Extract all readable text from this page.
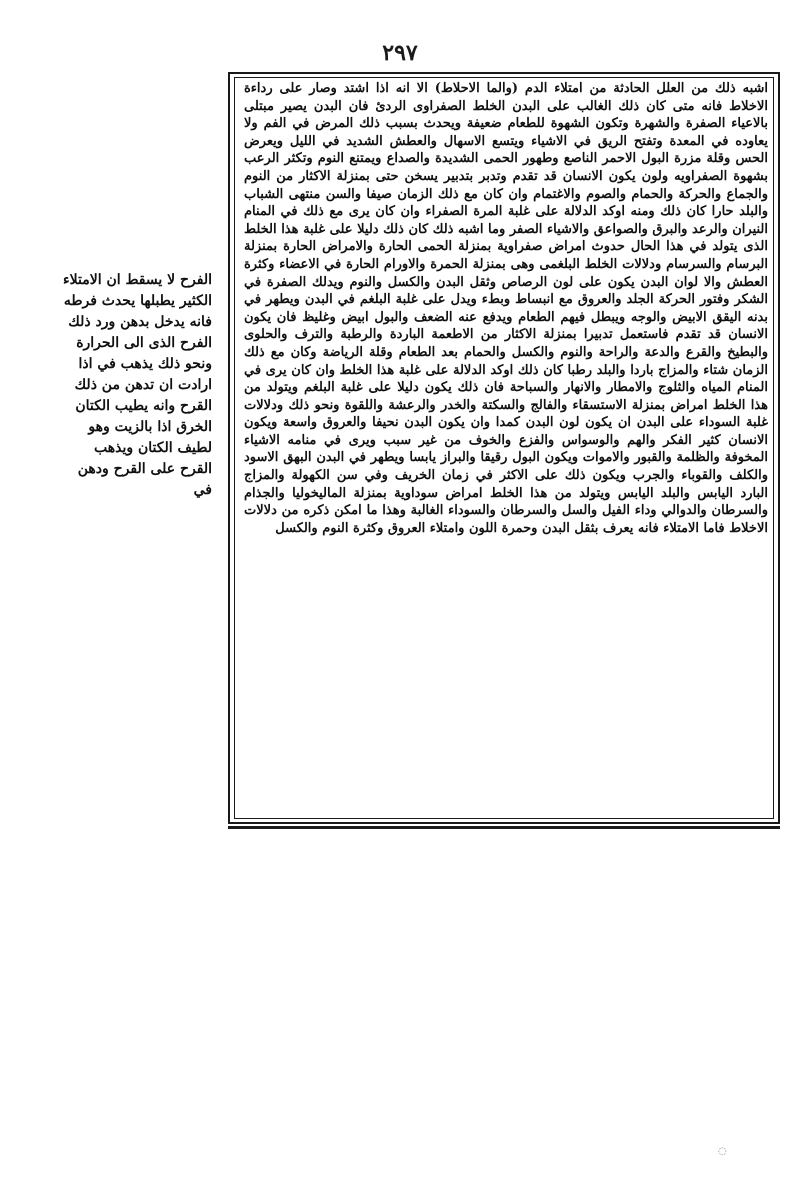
٢٩٧

اشبه ذلك من العلل الحادثة من امتلاء الدم (والما الاحلاط) الا انه اذا اشتد وصار على رداءة الاخلاط فانه متى كان ذلك الغالب على البدن الخلط الصفراوى الردئ فان البدن يصير مبتلى بالاعياء الصفرة والشهرة وتكون الشهوة للطعام ضعيفة ويحدث بسبب ذلك المرض في الفم ولا يعاوده في المعدة وتفتح الريق في الاشياء ويتسع الاسهال والعطش الشديد في الليل ويعرض الحس وقلة مزرة البول الاحمر الناصع وطهور الحمى الشديدة والصداع ويمتنع النوم وتكثر الرعب بشهوة الصفراويه ولون يكون الانسان قد تقدم وتدبر بتدبير يسخن حتى بمنزلة الاكثار من النوم والجماع والحركة والحمام والصوم والاغتمام وان كان مع ذلك الزمان صيفا والسن منتهى الشباب والبلد حارا كان ذلك ومنه اوكد الدلالة على غلبة المرة الصفراء وان كان يرى مع ذلك في المنام النيران والرعد والبرق والصواعق والاشياء الصفر وما اشبه ذلك كان ذلك دليلا على غلبة هذا الخلط الذى يتولد في هذا الحال حدوث امراض صفراوية بمنزلة الحمى الحارة والامراض الحارة بمنزلة البرسام والسرسام ودلالات الخلط البلغمى وهى بمنزلة الحمرة والاورام الحارة في الاعضاء وكثرة العطش والا لوان البدن يكون على لون الرصاص وثقل البدن والكسل والنوم ويدلك الصفرة في الشكر وفتور الحركة الجلد والعروق مع انبساط وبطء ويدل على غلبة البلغم في البدن ويطهر في بدنه اليقق الابيض والوجه ويبطل فيهم الطعام ويدفع عنه الضعف والبول ابيض وغليظ فان يكون الانسان قد تقدم فاستعمل تدبيرا بمنزلة الاكثار من الاطعمة الباردة والرطبة والترف والحلوى والبطيخ والقرع والدعة والراحة والنوم والكسل والحمام بعد الطعام وقلة الرياضة وكان مع ذلك الزمان شتاء والمزاج باردا والبلد رطبا كان ذلك اوكد الدلالة على غلبة هذا الخلط وان كان يرى في المنام المياه والثلوج والامطار والانهار والسباحة فان ذلك يكون دليلا على غلبة البلغم ويتولد من هذا الخلط امراض بمنزلة الاستسقاء والفالج والسكتة والخدر والرعشة واللقوة ونحو ذلك ودلالات غلبة السوداء على البدن ان يكون لون البدن كمدا وان يكون البدن نحيفا والعروق واسعة ويكون الانسان كثير الفكر والهم والوسواس والفزع والخوف من غير سبب ويرى في منامه الاشياء المخوفة والظلمة والقبور والاموات ويكون البول رقيقا والبراز يابسا ويطهر في البدن البهق الاسود والكلف والقوباء والجرب ويكون ذلك على الاكثر في زمان الخريف وفي سن الكهولة والمزاج البارد اليابس والبلد اليابس ويتولد من هذا الخلط امراض سوداوية بمنزلة الماليخوليا والجذام والسرطان والدوالي وداء الفيل والسل والسرطان والسوداء الغالبة وهذا ما امكن ذكره من دلالات الاخلاط فاما الامتلاء فانه يعرف بثقل البدن وحمرة اللون وامتلاء العروق وكثرة النوم والكسل

الفرح لا يسقط ان الامتلاء الكثير يطبلها يحدث فرطه فانه يدخل بدهن ورد ذلك الفرح الذى الى الحرارة ونحو ذلك يذهب في اذا ارادت ان تدهن من ذلك القرح وانه يطيب الكتان الخرق اذا بالزيت وهو لطيف الكتان ويذهب القرح على القرح ودهن في

◌
